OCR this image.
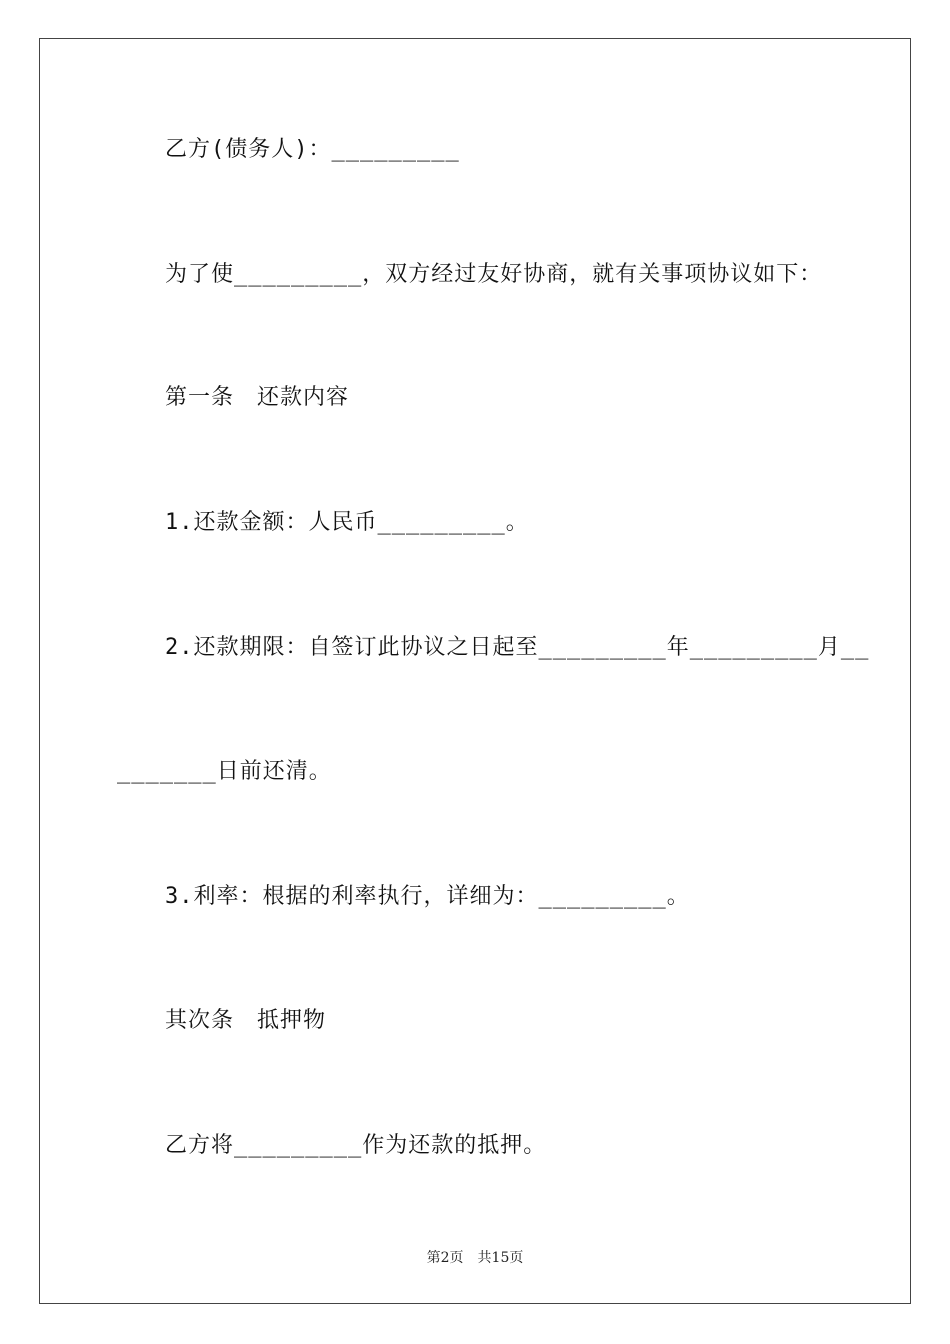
乙方(债务人)：_________
为了使_________，双方经过友好协商，就有关事项协议如下：
第一条　还款内容
1.还款金额：人民币_________。
2.还款期限：自签订此协议之日起至_________年_________月__
_______日前还清。
3.利率：根据的利率执行，详细为：_________。
其次条　抵押物
乙方将_________作为还款的抵押。
第2页　 共15页
